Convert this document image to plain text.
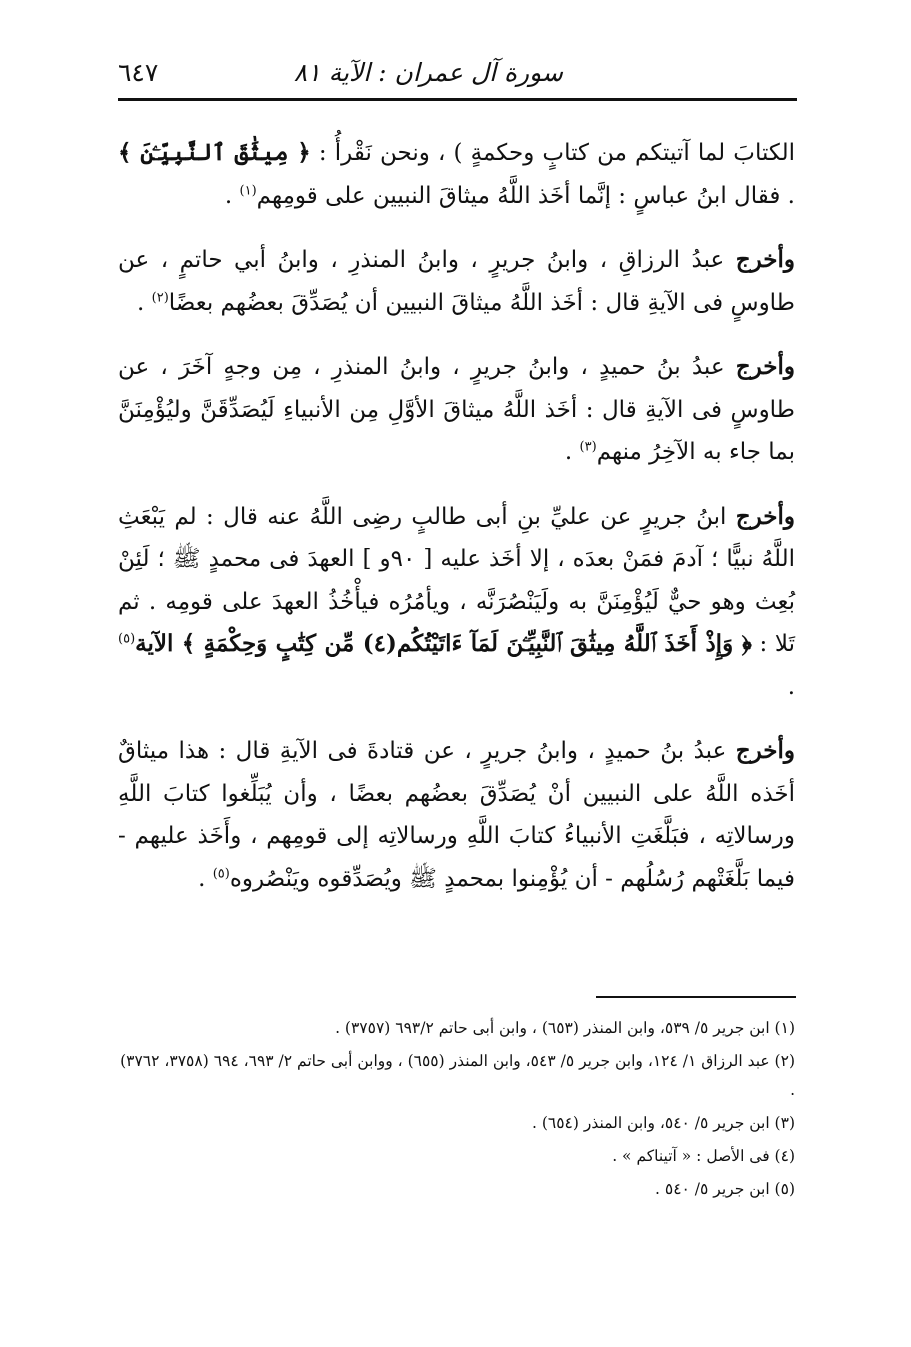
سورة آل عمران : الآية ٨١
٦٤٧

الكتابَ لما آتيتكم من كتابٍ وحكمةٍ ) ، ونحن نَقْرأُ : ﴿ مِيثَٰقَ ٱلنَّبِيِّـۧنَ ﴾ . فقال ابنُ عباسٍ : إنَّما أخَذ اللَّهُ ميثاقَ النبيين على قومِهم$^{(١)}$ .

وأخرج عبدُ الرزاقِ ، وابنُ جريرٍ ، وابنُ المنذرِ ، وابنُ أبي حاتمٍ ، عن طاوسٍ فى الآيةِ قال : أخَذ اللَّهُ ميثاقَ النبيين أن يُصَدِّقَ بعضُهم بعضًا$^{(٢)}$ .

وأخرج عبدُ بنُ حميدٍ ، وابنُ جريرٍ ، وابنُ المنذرِ ، مِن وجهٍ آخَرَ ، عن طاوسٍ فى الآيةِ قال : أخَذ اللَّهُ ميثاقَ الأوَّلِ مِن الأنبياءِ لَيُصَدِّقَنَّ وليُؤْمِنَنَّ بما جاء به الآخِرُ منهم$^{(٣)}$ .

وأخرج ابنُ جريرٍ عن عليِّ بنِ أبى طالبٍ رضِى اللَّهُ عنه قال : لم يَبْعَثِ اللَّهُ نبيًّا ؛ آدمَ فمَنْ بعدَه ، إلا أخَذ عليه [ ٩٠و ] العهدَ فى محمدٍ ﷺ ؛ لَئِنْ بُعِث وهو حيٌّ لَيُؤْمِنَنَّ به ولَيَنْصُرَنَّه ، ويأمُرُه فيأْخُذُ العهدَ على قومِه . ثم تَلا : ﴿ وَإِذْ أَخَذَ ٱللَّهُ مِيثَٰقَ ٱلنَّبِيِّـۧنَ لَمَآ ءَاتَيْتُكُم(٤) مِّن كِتَٰبٍ وَحِكْمَةٍ ﴾ الآية$^{(٥)}$ .

وأخرج عبدُ بنُ حميدٍ ، وابنُ جريرٍ ، عن قتادةَ فى الآيةِ قال : هذا ميثاقٌ أخَذه اللَّهُ على النبيين أنْ يُصَدِّقَ بعضُهم بعضًا ، وأن يُبَلِّغوا كتابَ اللَّهِ ورسالاتِه ، فبَلَّغَتِ الأنبياءُ كتابَ اللَّهِ ورسالاتِه إلى قومِهم ، وأَخَذ عليهم - فيما بَلَّغَتْهم رُسُلُهم - أن يُؤْمِنوا بمحمدٍ ﷺ ويُصَدِّقوه ويَنْصُروه$^{(٥)}$ .

(١) ابن جرير ٥/ ٥٣٩، وابن المنذر (٦٥٣) ، وابن أبى حاتم ٦٩٣/٢ (٣٧٥٧) .

(٢) عبد الرزاق ١/ ١٢٤، وابن جرير ٥/ ٥٤٣، وابن المنذر (٦٥٥) ، ووابن أبى حاتم ٢/ ٦٩٣، ٦٩٤ (٣٧٥٨، ٣٧٦٢) .

(٣) ابن جرير ٥/ ٥٤٠، وابن المنذر (٦٥٤) .

(٤) فى الأصل : « آتيناكم » .

(٥) ابن جرير ٥/ ٥٤٠ .
